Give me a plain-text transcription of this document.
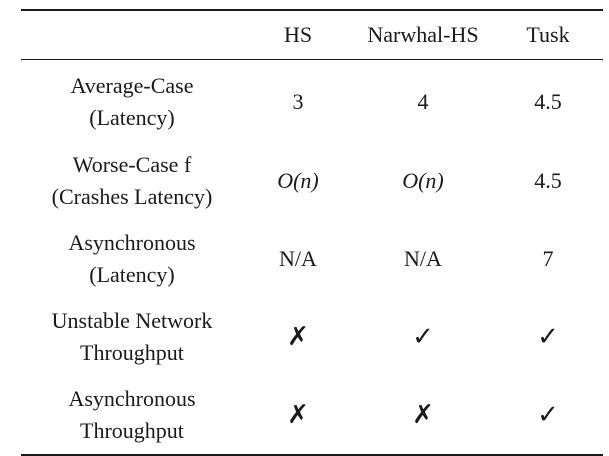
	HS	Narwhal-HS	Tusk

Average-Case
(Latency)	3	4	4.5

Worse-Case f
(Crashes Latency)	O(n)	O(n)	4.5

Asynchronous
(Latency)	N/A	N/A	7

Unstable Network
Throughput	✗	✓	✓

Asynchronous
Throughput	✗	✗	✓
